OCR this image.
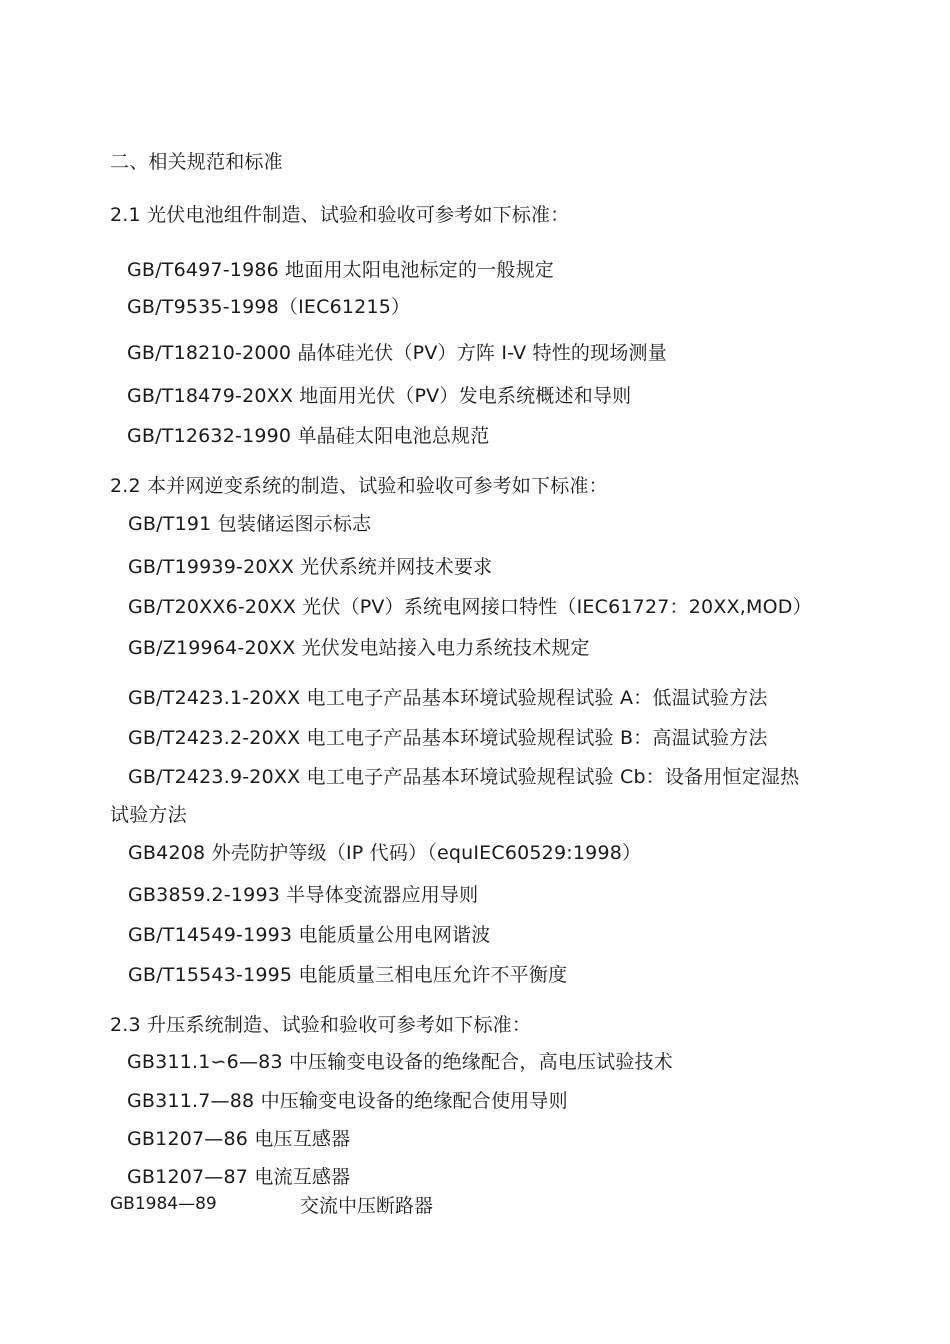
二、相关规范和标准
2.1 光伏电池组件制造、试验和验收可参考如下标准：
GB/T6497-1986 地面用太阳电池标定的一般规定
GB/T9535-1998（IEC61215）
GB/T18210-2000 晶体硅光伏（PV）方阵 I-V 特性的现场测量
GB/T18479-20XX 地面用光伏（PV）发电系统概述和导则
GB/T12632-1990 单晶硅太阳电池总规范
2.2 本并网逆变系统的制造、试验和验收可参考如下标准：
GB/T191 包装储运图示标志
GB/T19939-20XX 光伏系统并网技术要求
GB/T20XX6-20XX 光伏（PV）系统电网接口特性（IEC61727：20XX,MOD）
GB/Z19964-20XX 光伏发电站接入电力系统技术规定
GB/T2423.1-20XX 电工电子产品基本环境试验规程试验 A：低温试验方法
GB/T2423.2-20XX 电工电子产品基本环境试验规程试验 B：高温试验方法
GB/T2423.9-20XX 电工电子产品基本环境试验规程试验 Cb：设备用恒定湿热
试验方法
GB4208 外壳防护等级（IP 代码）（equIEC60529:1998）
GB3859.2-1993 半导体变流器应用导则
GB/T14549-1993 电能质量公用电网谐波
GB/T15543-1995 电能质量三相电压允许不平衡度
2.3 升压系统制造、试验和验收可参考如下标准：
GB311.1∽6—83 中压输变电设备的绝缘配合，高电压试验技术
GB311.7—88 中压输变电设备的绝缘配合使用导则
GB1207—86 电压互感器
GB1207—87 电流互感器
GB1984—89	交流中压断路器
